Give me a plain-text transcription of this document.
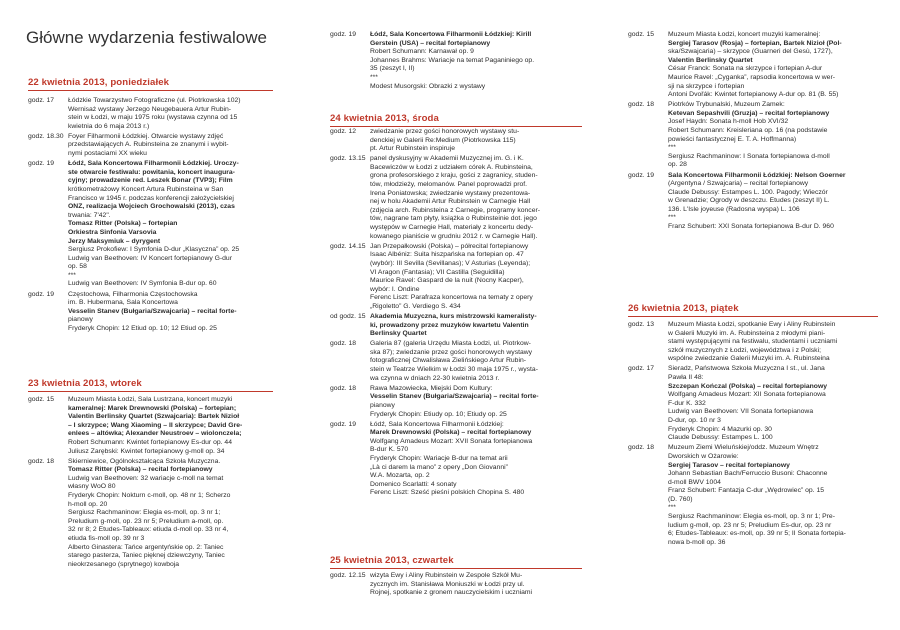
Główne wydarzenia festiwalowe
22 kwietnia 2013, poniedziałek
godz. 17	Łódzkie Towarzystwo Fotograficzne (ul. Piotrkowska 102)
Wernisaż wystawy Jerzego Neugebauera Artur Rubin-
stein w Łodzi, w maju 1975 roku (wystawa czynna od 15
kwietnia do 6 maja 2013 r.)
godz. 18.30 Foyer Filharmonii Łódzkiej. Otwarcie wystawy zdjęć
przedstawiających A. Rubinsteina ze znanymi i wybit-
nymi postaciami XX wieku
godz. 19	Łódź, Sala Koncertowa Filharmonii Łódzkiej. Uroczy-
ste otwarcie festiwalu: powitania, koncert inaugura-
cyjny; prowadzenie red. Leszek Bonar (TVP3); Film
krótkometrażowy Koncert Artura Rubinsteina w San
Francisco w 1945 r. podczas konferencji założycielskiej
ONZ, realizacja Wojciech Grochowalski (2013), czas
trwania: 7'42".
Tomasz Ritter (Polska) – fortepian
Orkiestra Sinfonia Varsovia
Jerzy Maksymiuk – dyrygent
Sergiusz Prokofiew: I Symfonia D-dur „Klasyczna” op. 25
Ludwig van Beethoven: IV Koncert fortepianowy G-dur
op. 58
***
Ludwig van Beethoven: IV Symfonia B-dur op. 60
godz. 19	Częstochowa, Filharmonia Częstochowska
im. B. Hubermana, Sala Koncertowa
Vesselin Stanev (Bułgaria/Szwajcaria) – recital forte-
pianowy
Fryderyk Chopin: 12 Etiud op. 10; 12 Etiud op. 25
23 kwietnia 2013, wtorek
godz. 15	Muzeum Miasta Łodzi, Sala Lustrzana, koncert muzyki
kameralnej: Marek Drewnowski (Polska) – fortepian;
Valentin Berlinsky Quartet (Szwajcaria): Bartek Nizioł
– I skrzypce; Wang Xiaoming – II skrzypce; David Gre-
enlees – altówka; Alexander Neustroev – wiolonczela;
Robert Schumann: Kwintet fortepianowy Es-dur op. 44
Juliusz Zarębski: Kwintet fortepianowy g-moll op. 34
godz. 18	Skierniewice, Ogólnokształcąca Szkoła Muzyczna.
Tomasz Ritter (Polska) – recital fortepianowy
Ludwig van Beethoven: 32 wariacje c-moll na temat
własny WoO 80
Fryderyk Chopin: Nokturn c-moll, op. 48 nr 1; Scherzo
h-moll op. 20
Sergiusz Rachmaninow: Elegia es-moll, op. 3 nr 1;
Preludium g-moll, op. 23 nr 5; Preludium a-moll, op.
32 nr 8; 2 Études-Tableaux: etiuda d-moll op. 33 nr 4,
etiuda fis-moll op. 39 nr 3
Alberto Ginastera: Tańce argentyńskie op. 2: Taniec
starego pasterza, Taniec pięknej dziewczyny, Taniec
nieokrzesanego (sprytnego) kowboja
godz. 19	Łódź, Sala Koncertowa Filharmonii Łódzkiej: Kirill
Gerstein (USA) – recital fortepianowy
Robert Schumann: Karnawał op. 9
Johannes Brahms: Wariacje na temat Paganiniego op.
35 (zeszyt I, II)
***
Modest Musorgski: Obrazki z wystawy
24 kwietnia 2013, środa
godz. 12	zwiedzanie przez gości honorowych wystawy stu-
denckiej w Galerii Re:Medium (Piotrkowska 115)
pt. Artur Rubinstein inspiruje
godz. 13.15 panel dyskusyjny w Akademii Muzycznej im. G. i K.
Bacewiczów w Łodzi z udziałem córek A. Rubinsteina,
grona profesorskiego z kraju, gości z zagranicy, studen-
tów, młodzieży, melomanów. Panel poprowadzi prof.
Irena Poniatowska; zwiedzanie wystawy prezentowa-
nej w holu Akademii Artur Rubinstein w Carnegie Hall
(zdjęcia arch. Rubinsteina z Carnegie, programy koncer-
tów, nagrane tam płyty, książka o Rubinsteinie dot. jego
występów w Carnegie Hall, materiały z koncertu dedy-
kowanego pianiście w grudniu 2012 r. w Carnegie Hall).
godz. 14.15 Jan Przepałkowski (Polska) – półrecital fortepianowy
Isaac Albéniz: Suita hiszpańska na fortepian op. 47
(wybór): III Sevilla (Sevillanas); V Asturias (Leyenda);
VI Aragon (Fantasia); VII Castilla (Seguidilla)
Maurice Ravel: Gaspard de la nuit (Nocny Kacper),
wybór: I. Ondine
Ferenc Liszt: Parafraza koncertowa na tematy z opery
„Rigoletto” G. Verdiego S. 434
od godz. 15 Akademia Muzyczna, kurs mistrzowski kameralisty-
ki, prowadzony przez muzyków kwartetu Valentin
Berlinsky Quartet
godz. 18	Galeria 87 (galeria Urzędu Miasta Łodzi, ul. Piotrkow-
ska 87); zwiedzanie przez gości honorowych wystawy
fotograficznej Chwalisława Zielińskiego Artur Rubin-
stein w Teatrze Wielkim w Łodzi 30 maja 1975 r., wysta-
wa czynna w dniach 22-30 kwietnia 2013 r.
godz. 18	Rawa Mazowiecka, Miejski Dom Kultury:
Vesselin Stanev (Bułgaria/Szwajcaria) – recital forte-
pianowy
Fryderyk Chopin: Etiudy op. 10; Etiudy op. 25
godz. 19	Łódź, Sala Koncertowa Filharmonii Łódzkiej:
Marek Drewnowski (Polska) – recital fortepianowy
Wolfgang Amadeus Mozart: XVII Sonata fortepianowa
B-dur K. 570
Fryderyk Chopin: Wariacje B-dur na temat arii
„Là ci darem la mano” z opery „Don Giovanni”
W.A. Mozarta, op. 2
Domenico Scarlatti: 4 sonaty
Ferenc Liszt: Sześć pieśni polskich Chopina S. 480
25 kwietnia 2013, czwartek
godz. 12.15 wizyta Ewy i Aliny Rubinstein w Zespole Szkół Mu-
zycznych im. Stanisława Moniuszki w Łodzi przy ul.
Rojnej, spotkanie z gronem nauczycielskim i uczniami
godz. 15	Muzeum Miasta Łodzi, koncert muzyki kameralnej:
Sergiej Tarasov (Rosja) – fortepian, Bartek Nizioł (Pol-
ska/Szwajcaria) – skrzypce (Guarneri del Gesù, 1727),
Valentin Berlinsky Quartet
César Franck: Sonata na skrzypce i fortepian A-dur
Maurice Ravel: „Cyganka”, rapsodia koncertowa w wer-
sji na skrzypce i fortepian
Antoni Dvořák: Kwintet fortepianowy A-dur op. 81 (B. 55)
godz. 18	Piotrków Trybunalski, Muzeum Zamek:
Ketevan Sepashvili (Gruzja) – recital fortepianowy
Josef Haydn: Sonata h-moll Hob XVI/32
Robert Schumann: Kreisleriana op. 16 (na podstawie
powieści fantastycznej E. T. A. Hoffmanna)
***
Sergiusz Rachmaninow: I Sonata fortepianowa d-moll
op. 28
godz. 19	Sala Koncertowa Filharmonii Łódzkiej: Nelson Goerner
(Argentyna / Szwajcaria) – recital fortepianowy
Claude Debussy: Estampes L. 100. Pagody; Wieczór
w Grenadzie; Ogrody w deszczu. Études (zeszyt II) L.
136. L'Isle joyeuse (Radosna wyspa) L. 106
***
Franz Schubert: XXI Sonata fortepianowa B-dur D. 960
26 kwietnia 2013, piątek
godz. 13	Muzeum Miasta Łodzi, spotkanie Ewy i Aliny Rubinstein
w Galerii Muzyki im. A. Rubinsteina z młodymi piani-
stami występującymi na festiwalu, studentami i uczniami
szkół muzycznych z Łodzi, województwa i z Polski;
wspólne zwiedzanie Galerii Muzyki im. A. Rubinsteina
godz. 17	Sieradz, Państwowa Szkoła Muzyczna I st., ul. Jana
Pawła II 48:
Szczepan Kończal (Polska) – recital fortepianowy
Wolfgang Amadeus Mozart: XII Sonata fortepianowa
F-dur K. 332
Ludwig van Beethoven: VII Sonata fortepianowa
D-dur, op. 10 nr 3
Fryderyk Chopin: 4 Mazurki op. 30
Claude Debussy: Estampes L. 100
godz. 18	Muzeum Ziemi Wieluńskiej/oddz. Muzeum Wnętrz
Dworskich w Ożarowie:
Sergiej Tarasov – recital fortepianowy
Johann Sebastian Bach/Ferruccio Busoni: Chaconne
d-moll BWV 1004
Franz Schubert: Fantazja C-dur „Wędrowiec” op. 15
(D. 760)
***
Sergiusz Rachmaninow: Elegia es-moll, op. 3 nr 1; Pre-
ludium g-moll, op. 23 nr 5; Preludium Es-dur, op. 23 nr
6; Études-Tableaux: es-moll, op. 39 nr 5; II Sonata fortepia-
nowa b-moll op. 36
